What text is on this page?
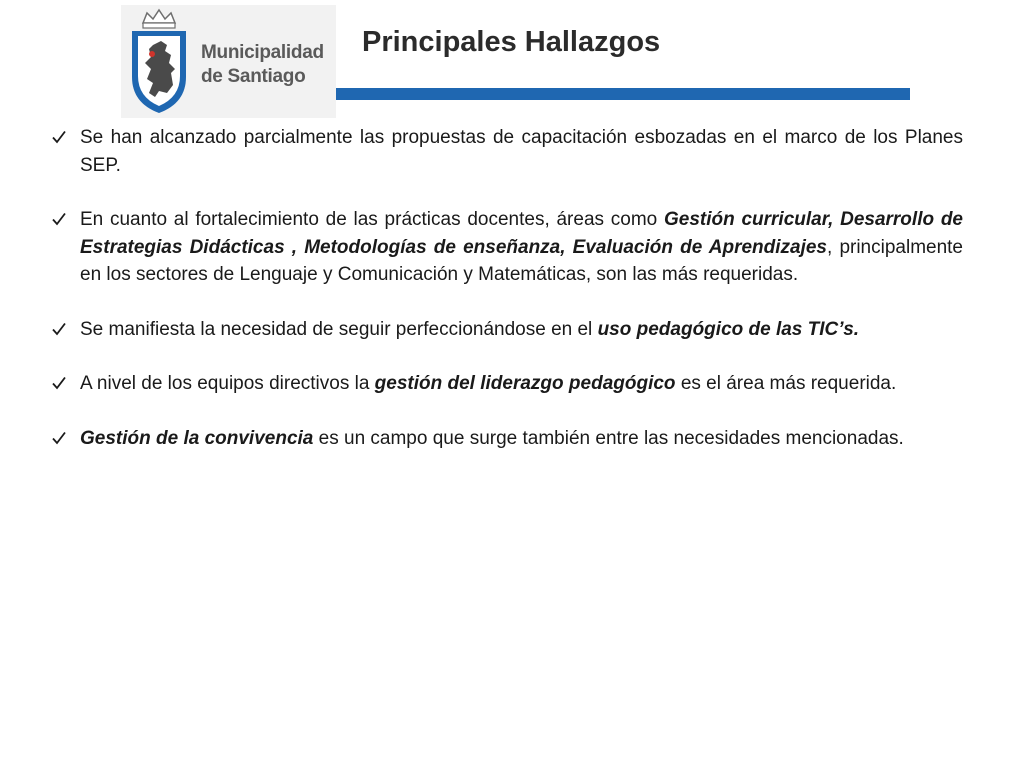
Municipalidad
de Santiago
Principales Hallazgos
Se han alcanzado parcialmente las propuestas de capacitación esbozadas en el marco de los Planes SEP.
En cuanto al fortalecimiento de las prácticas docentes, áreas como Gestión curricular, Desarrollo de Estrategias Didácticas , Metodologías de enseñanza, Evaluación de Aprendizajes, principalmente en los sectores de Lenguaje y Comunicación y Matemáticas, son las más requeridas.
Se manifiesta la necesidad de seguir perfeccionándose en el uso pedagógico de las TIC’s.
A nivel de los equipos directivos la gestión del liderazgo pedagógico es el área más requerida.
Gestión de la convivencia es un campo que surge también entre las necesidades mencionadas.
